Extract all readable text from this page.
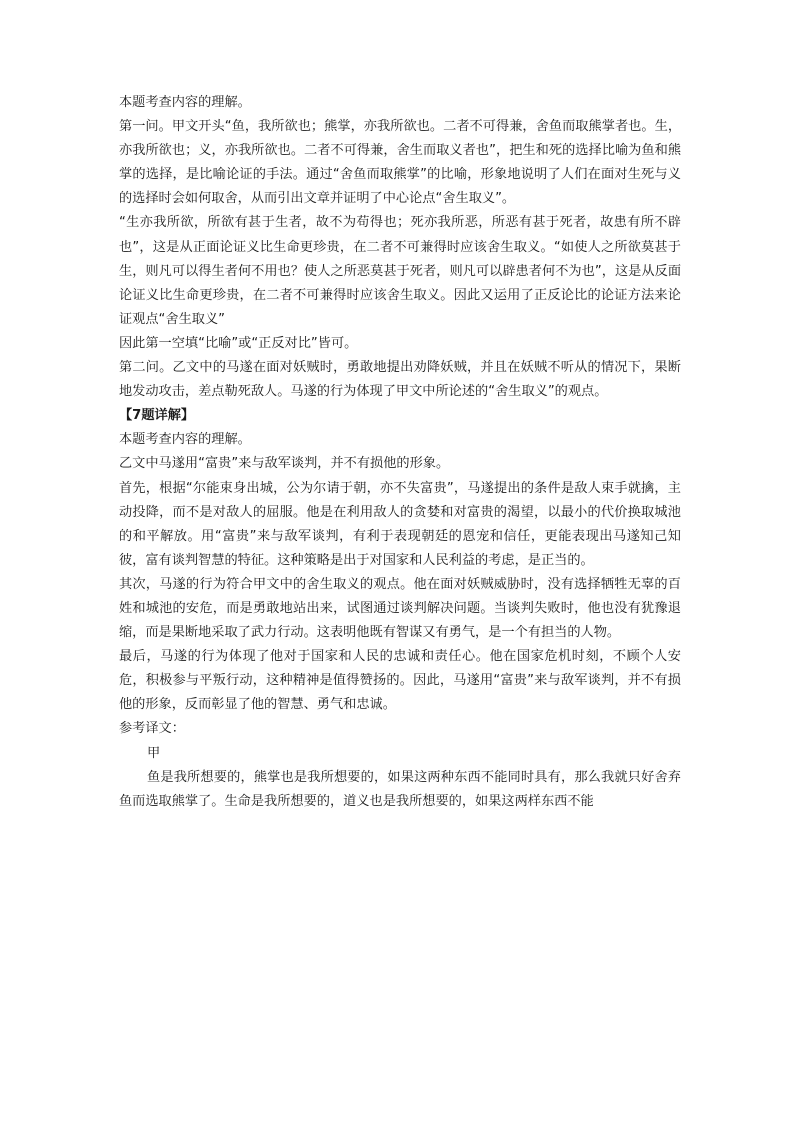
本题考查内容的理解。

第一问。甲文开头“鱼，我所欲也；熊掌，亦我所欲也。二者不可得兼，舍鱼而取熊掌者也。生，亦我所欲也；义，亦我所欲也。二者不可得兼，舍生而取义者也”，把生和死的选择比喻为鱼和熊掌的选择，是比喻论证的手法。通过“舍鱼而取熊掌”的比喻，形象地说明了人们在面对生死与义的选择时会如何取舍，从而引出文章并证明了中心论点“舍生取义”。

“生亦我所欲，所欲有甚于生者，故不为苟得也；死亦我所恶，所恶有甚于死者，故患有所不辟也”，这是从正面论证义比生命更珍贵，在二者不可兼得时应该舍生取义。“如使人之所欲莫甚于生，则凡可以得生者何不用也？使人之所恶莫甚于死者，则凡可以辟患者何不为也”，这是从反面论证义比生命更珍贵，在二者不可兼得时应该舍生取义。因此又运用了正反论比的论证方法来论证观点“舍生取义”

因此第一空填“比喻”或“正反对比”皆可。

第二问。乙文中的马遂在面对妖贼时，勇敢地提出劝降妖贼，并且在妖贼不听从的情况下，果断地发动攻击，差点勒死敌人。马遂的行为体现了甲文中所论述的“舍生取义”的观点。

【7题详解】

本题考查内容的理解。

乙文中马遂用“富贵”来与敌军谈判，并不有损他的形象。

首先，根据“尔能束身出城，公为尔请于朝，亦不失富贵”，马遂提出的条件是敌人束手就擒，主动投降，而不是对敌人的屈服。他是在利用敌人的贪婪和对富贵的渴望，以最小的代价换取城池的和平解放。用“富贵”来与敌军谈判，有利于表现朝廷的恩宠和信任，更能表现出马遂知己知彼，富有谈判智慧的特征。这种策略是出于对国家和人民利益的考虑，是正当的。

其次，马遂的行为符合甲文中的舍生取义的观点。他在面对妖贼威胁时，没有选择牺牲无辜的百姓和城池的安危，而是勇敢地站出来，试图通过谈判解决问题。当谈判失败时，他也没有犹豫退缩，而是果断地采取了武力行动。这表明他既有智谋又有勇气，是一个有担当的人物。

最后，马遂的行为体现了他对于国家和人民的忠诚和责任心。他在国家危机时刻，不顾个人安危，积极参与平叛行动，这种精神是值得赞扬的。因此，马遂用“富贵”来与敌军谈判，并不有损他的形象，反而彰显了他的智慧、勇气和忠诚。

参考译文：

甲

鱼是我所想要的，熊掌也是我所想要的，如果这两种东西不能同时具有，那么我就只好舍弃鱼而选取熊掌了。生命是我所想要的，道义也是我所想要的，如果这两样东西不能
